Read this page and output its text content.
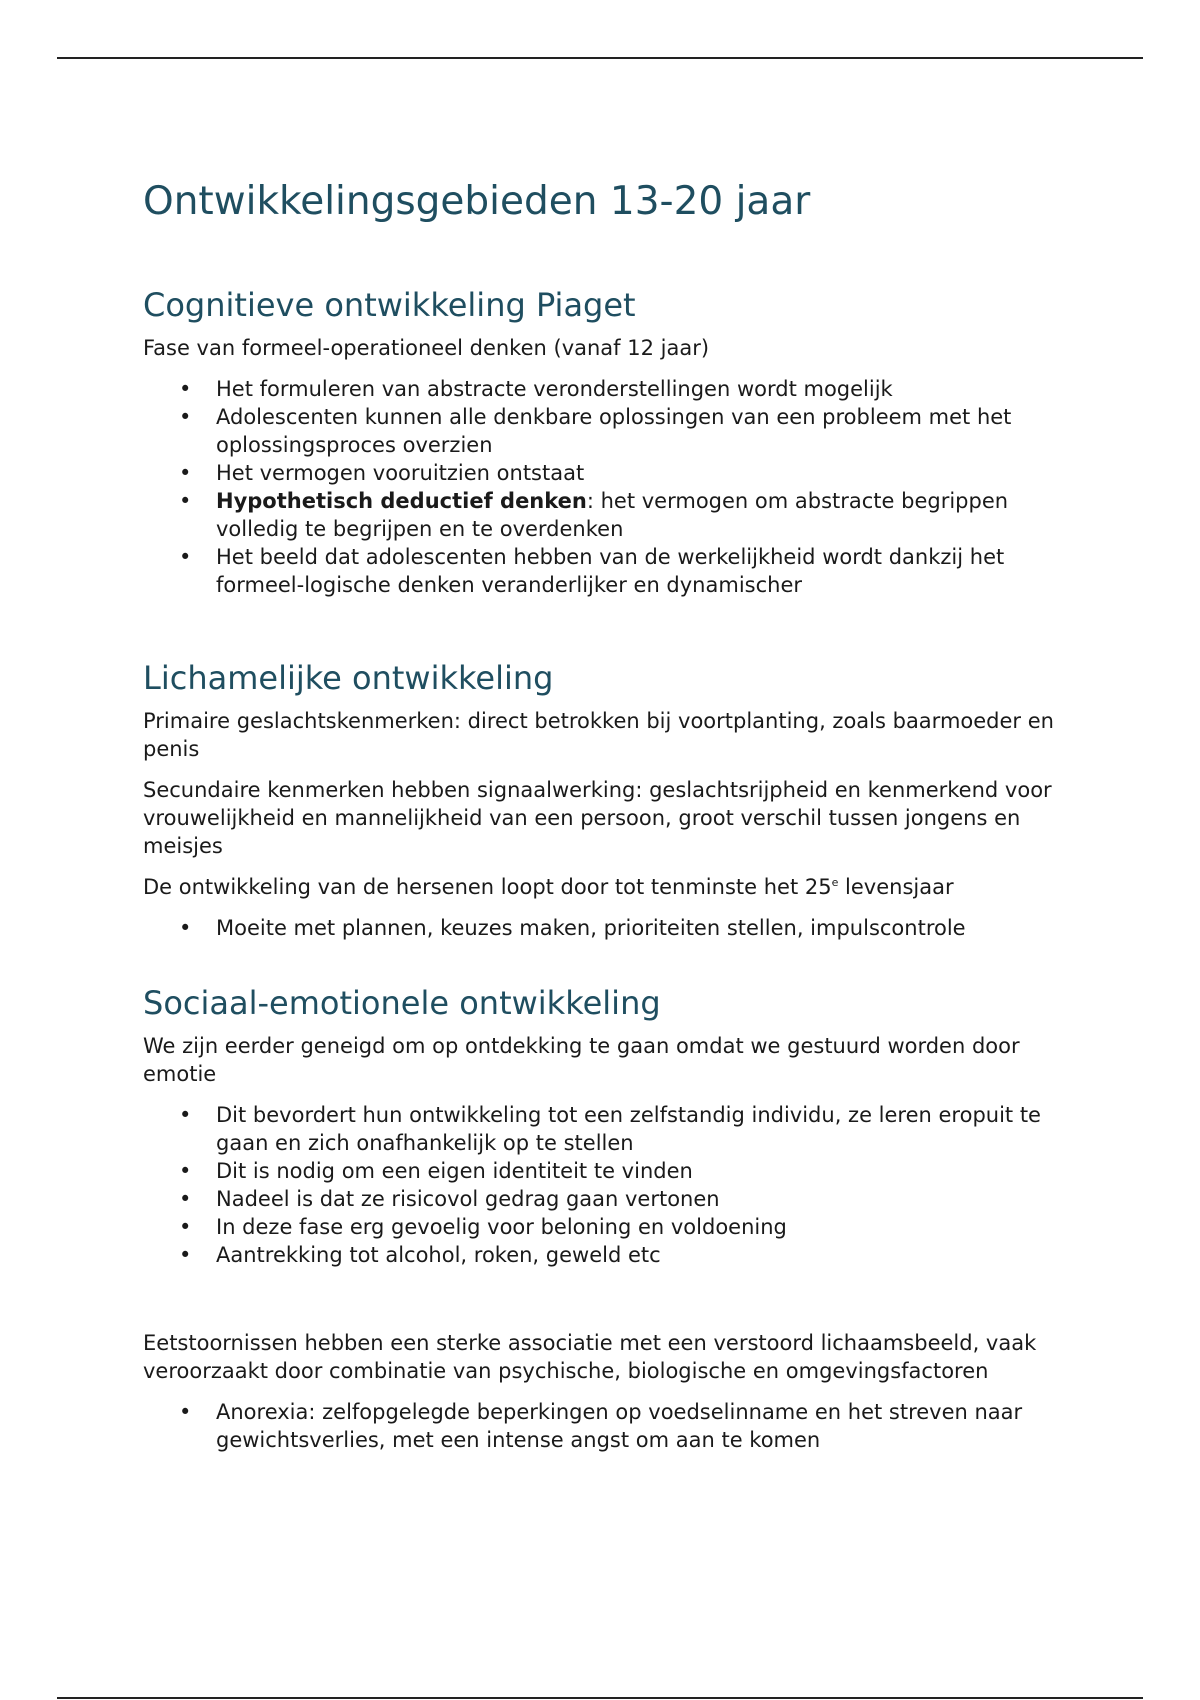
Ontwikkelingsgebieden 13-20 jaar
Cognitieve ontwikkeling Piaget

Fase van formeel-operationeel denken (vanaf 12 jaar)

• Het formuleren van abstracte veronderstellingen wordt mogelijk
• Adolescenten kunnen alle denkbare oplossingen van een probleem met het oplossingsproces overzien
• Het vermogen vooruitzien ontstaat
• Hypothetisch deductief denken: het vermogen om abstracte begrippen volledig te begrijpen en te overdenken
• Het beeld dat adolescenten hebben van de werkelijkheid wordt dankzij het formeel-logische denken veranderlijker en dynamischer
Lichamelijke ontwikkeling

Primaire geslachtskenmerken: direct betrokken bij voortplanting, zoals baarmoeder en penis

Secundaire kenmerken hebben signaalwerking: geslachtsrijpheid en kenmerkend voor vrouwelijkheid en mannelijkheid van een persoon, groot verschil tussen jongens en meisjes

De ontwikkeling van de hersenen loopt door tot tenminste het 25e levensjaar

• Moeite met plannen, keuzes maken, prioriteiten stellen, impulscontrole
Sociaal-emotionele ontwikkeling

We zijn eerder geneigd om op ontdekking te gaan omdat we gestuurd worden door emotie

• Dit bevordert hun ontwikkeling tot een zelfstandig individu, ze leren eropuit te gaan en zich onafhankelijk op te stellen
• Dit is nodig om een eigen identiteit te vinden
• Nadeel is dat ze risicovol gedrag gaan vertonen
• In deze fase erg gevoelig voor beloning en voldoening
• Aantrekking tot alcohol, roken, geweld etc

Eetstoornissen hebben een sterke associatie met een verstoord lichaamsbeeld, vaak veroorzaakt door combinatie van psychische, biologische en omgevingsfactoren

• Anorexia: zelfopgelegde beperkingen op voedselinname en het streven naar gewichtsverlies, met een intense angst om aan te komen
